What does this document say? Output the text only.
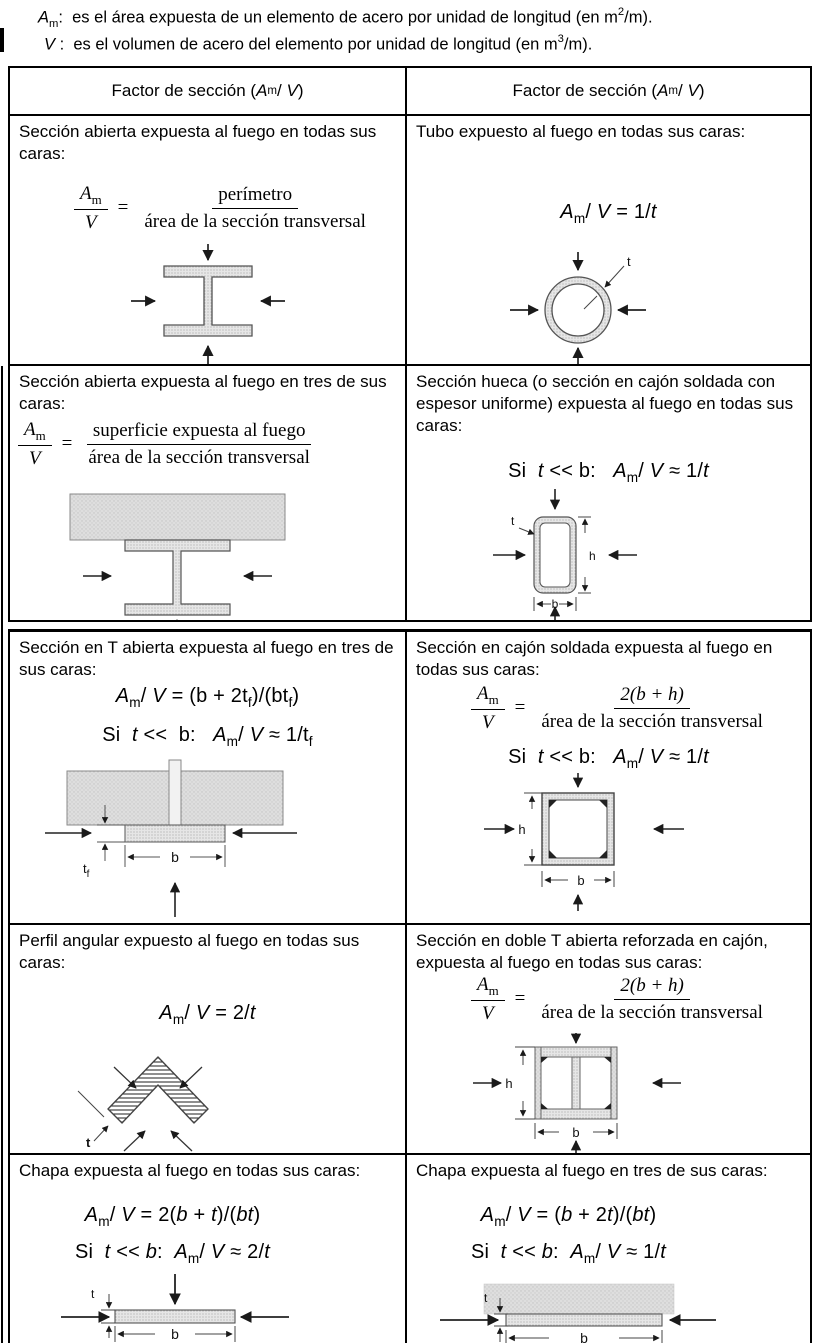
$A_m$:  es el área expuesta de un elemento de acero por unidad de longitud (en $m^2/m$).
V :  es el volumen de acero del elemento por unidad de longitud (en $m^3/m$).
Factor de sección ( A m / V )	Factor de sección ( A m / V )
Sección abierta expuesta al fuego en todas sus caras:
$\frac{A_m}{V} = \frac{\text{perímetro}}{\text{área de la sección transversal}}$
Tubo expuesto al fuego en todas sus caras:
$A_m/$ V = 1/t
t
Sección abierta expuesta al fuego en tres de sus caras:
$\frac{A_m}{V} = \frac{\text{superficie expuesta al fuego}}{\text{área de la sección transversal}}$
Sección hueca (o sección en cajón soldada con espesor uniforme) expuesta al fuego en todas sus caras:
Si  t << b:   $A_m/$ V ≈ 1/t
t
h
b
Sección en T abierta expuesta al fuego en tres de sus caras:
$A_m/$ $V = (b + 2t_f)/(bt_f)$
Si  t <<  b:   $A_m/$ $V \approx 1/t_f$
$t_f$
b
Sección en cajón soldada expuesta al fuego en todas sus caras:
$\frac{A_m}{V} = \frac{2(b + h)}{\text{área de la sección transversal}}$
Si  t << b:   $A_m/$ V ≈ 1/t
h
b
Perfil angular expuesto al fuego en todas sus caras:
$A_m/$ V = 2/t
t
Sección en doble T abierta reforzada en cajón, expuesta al fuego en todas sus caras:
$\frac{A_m}{V} = \frac{2(b + h)}{\text{área de la sección transversal}}$
h
b
Chapa expuesta al fuego en todas sus caras:
$A_m/$ V = 2(b + t)/(bt)
Si  t << b:  $A_m/$ V ≈ 2/t
t
b
Chapa expuesta al fuego en tres de sus caras:
$A_m/$ V = (b + 2t)/(bt)
Si  t << b:  $A_m/$ V ≈ 1/t
t
b
